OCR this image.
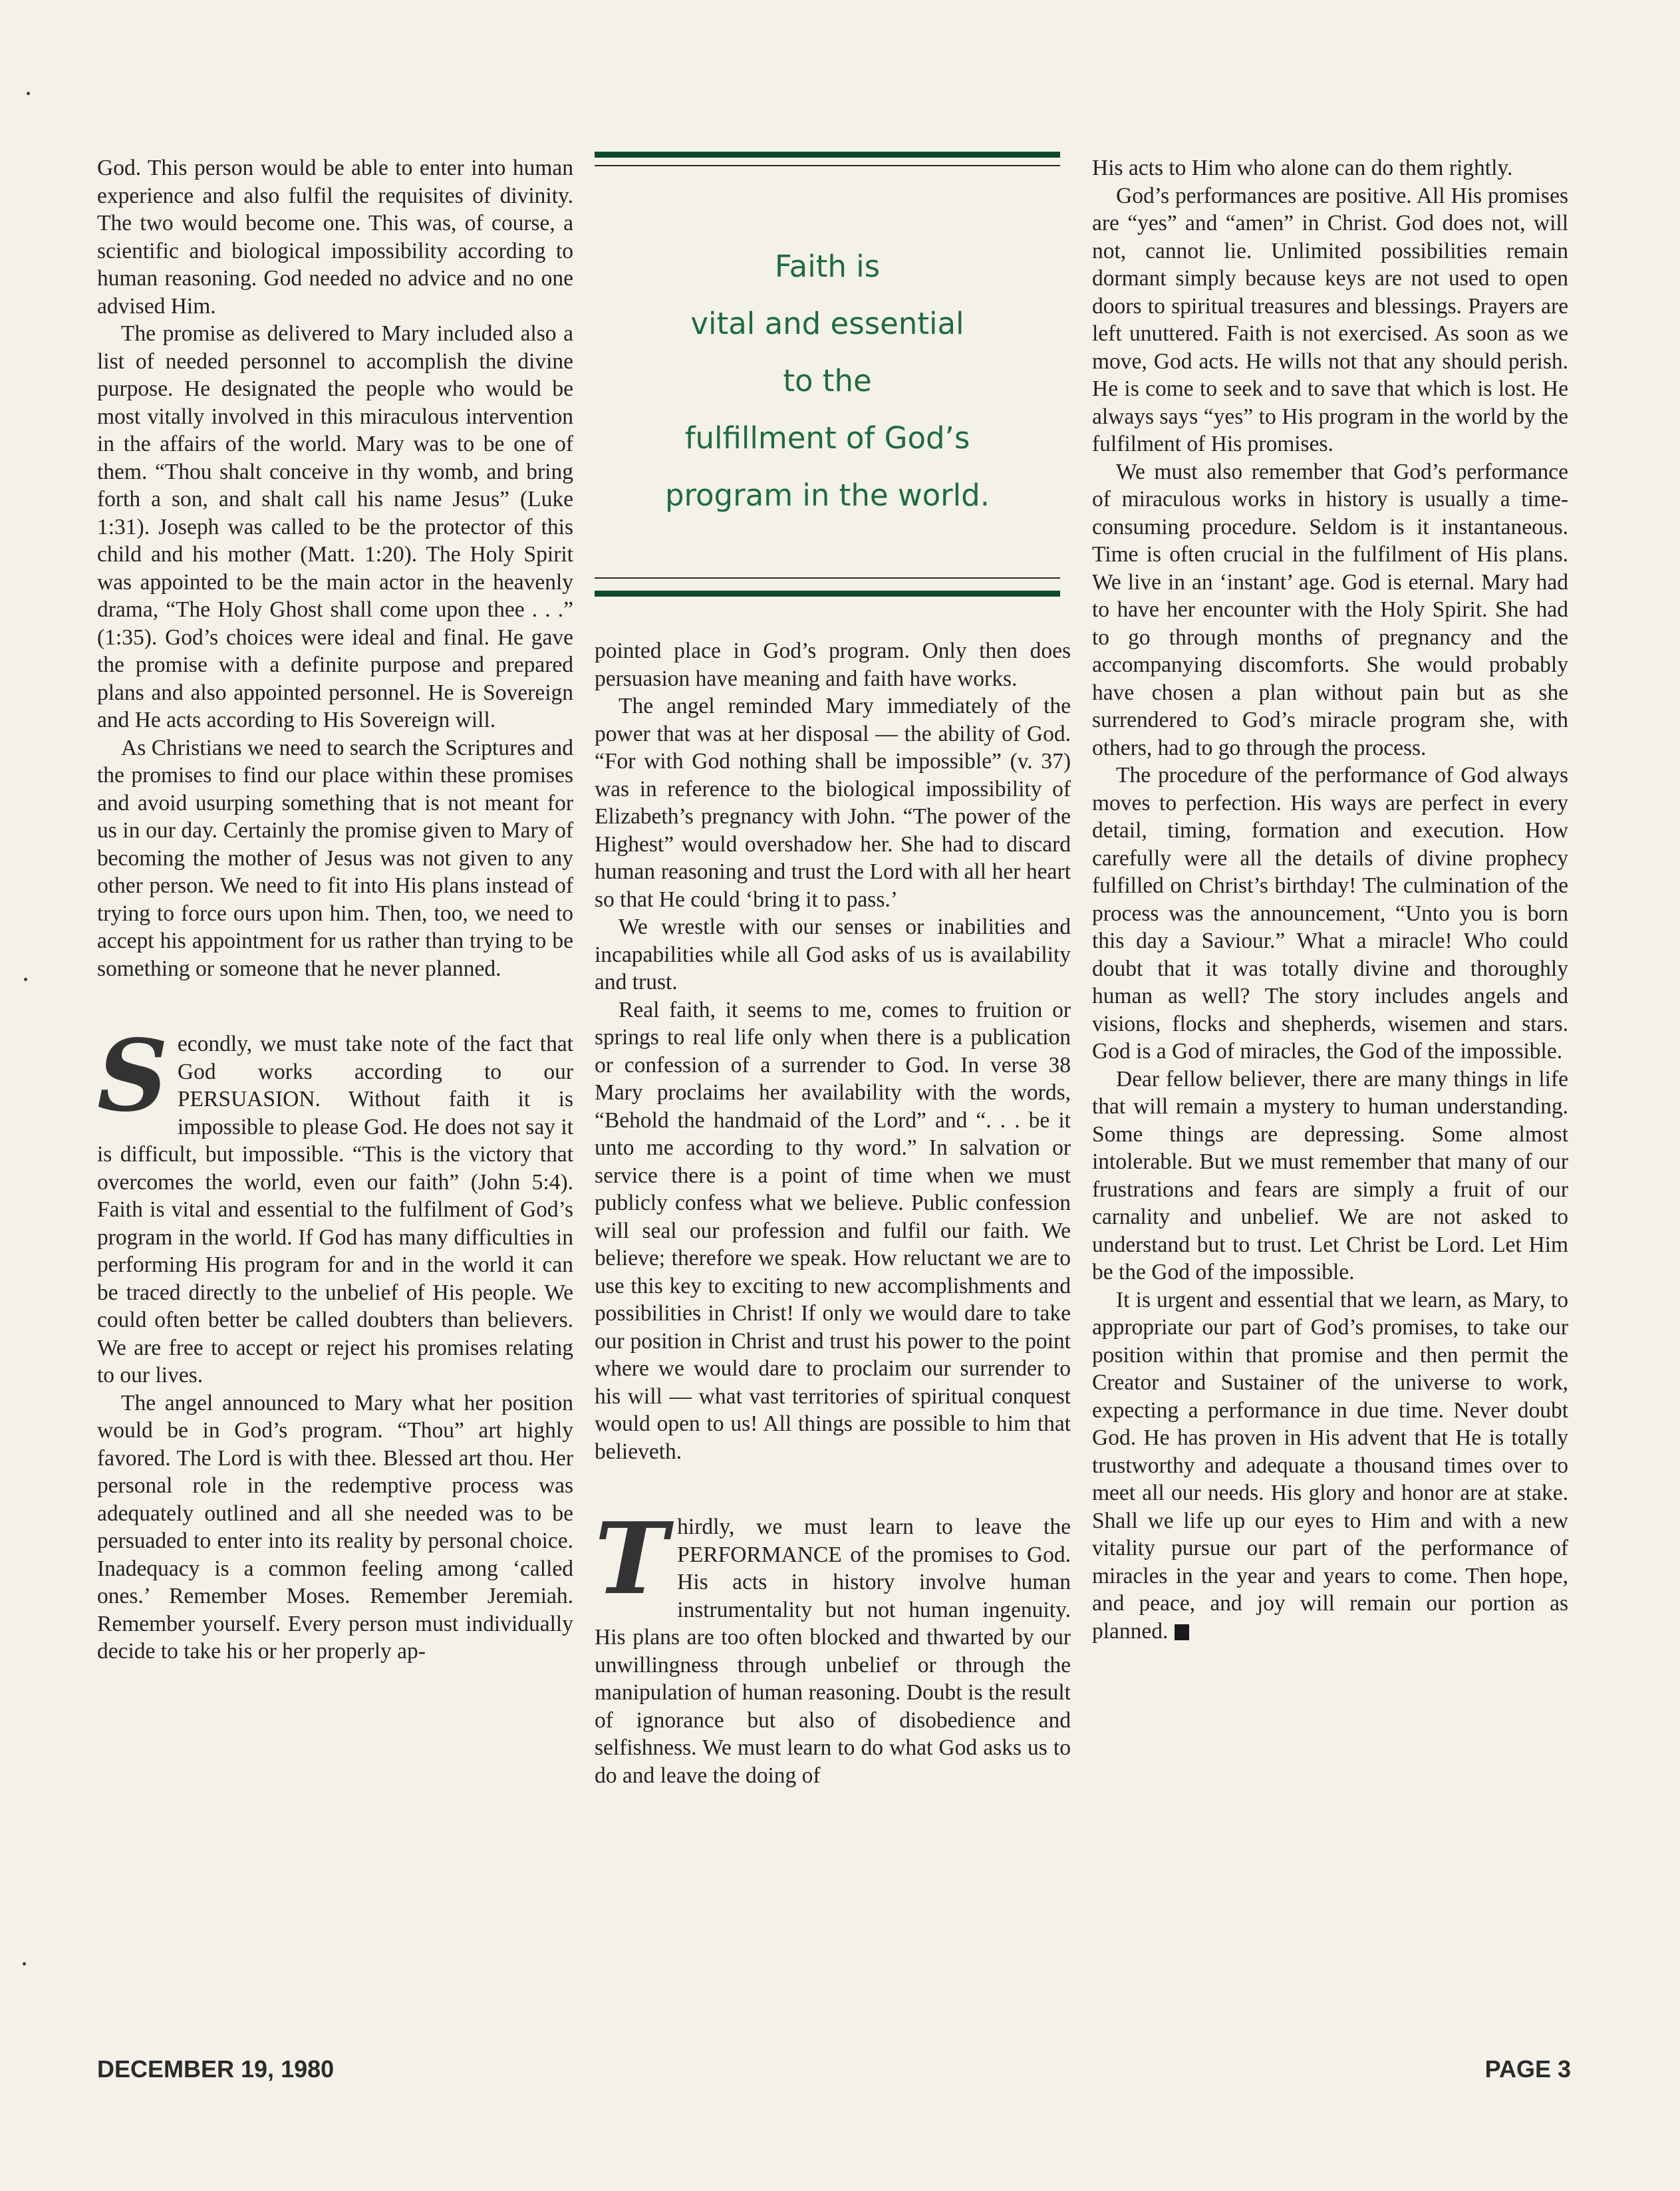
God. This person would be able to enter into human experience and also fulfil the requisites of divinity. The two would become one. This was, of course, a scientific and biological impossibility according to human reasoning. God needed no advice and no one advised Him.

The promise as delivered to Mary included also a list of needed personnel to accomplish the divine purpose. He designated the people who would be most vitally involved in this miraculous intervention in the affairs of the world. Mary was to be one of them. “Thou shalt conceive in thy womb, and bring forth a son, and shalt call his name Jesus” (Luke 1:31). Joseph was called to be the protector of this child and his mother (Matt. 1:20). The Holy Spirit was appointed to be the main actor in the heavenly drama, “The Holy Ghost shall come upon thee . . .” (1:35). God’s choices were ideal and final. He gave the promise with a definite purpose and prepared plans and also appointed personnel. He is Sovereign and He acts according to His Sovereign will.

As Christians we need to search the Scriptures and the promises to find our place within these promises and avoid usurping something that is not meant for us in our day. Certainly the promise given to Mary of becoming the mother of Jesus was not given to any other person. We need to fit into His plans instead of trying to force ours upon him. Then, too, we need to accept his appointment for us rather than trying to be something or someone that he never planned.

Secondly, we must take note of the fact that God works according to our PERSUASION. Without faith it is impossible to please God. He does not say it is difficult, but impossible. “This is the victory that overcomes the world, even our faith” (John 5:4). Faith is vital and essential to the fulfilment of God’s program in the world. If God has many difficulties in performing His program for and in the world it can be traced directly to the unbelief of His people. We could often better be called doubters than believers. We are free to accept or reject his promises relating to our lives.

The angel announced to Mary what her position would be in God’s program. “Thou” art highly favored. The Lord is with thee. Blessed art thou. Her personal role in the redemptive process was adequately outlined and all she needed was to be persuaded to enter into its reality by personal choice. Inadequacy is a common feeling among ‘called ones.’ Remember Moses. Remember Jeremiah. Remember yourself. Every person must individually decide to take his or her properly ap-

Faith is
vital and essential
to the
fulfillment of God’s
program in the world.

pointed place in God’s program. Only then does persuasion have meaning and faith have works.

The angel reminded Mary immediately of the power that was at her disposal — the ability of God. “For with God nothing shall be impossible” (v. 37) was in reference to the biological impossibility of Elizabeth’s pregnancy with John. “The power of the Highest” would overshadow her. She had to discard human reasoning and trust the Lord with all her heart so that He could ‘bring it to pass.’

We wrestle with our senses or inabilities and incapabilities while all God asks of us is availability and trust.

Real faith, it seems to me, comes to fruition or springs to real life only when there is a publication or confession of a surrender to God. In verse 38 Mary proclaims her availability with the words, “Behold the handmaid of the Lord” and “. . . be it unto me according to thy word.” In salvation or service there is a point of time when we must publicly confess what we believe. Public confession will seal our profession and fulfil our faith. We believe; therefore we speak. How reluctant we are to use this key to exciting to new accomplishments and possibilities in Christ! If only we would dare to take our position in Christ and trust his power to the point where we would dare to proclaim our surrender to his will — what vast territories of spiritual conquest would open to us! All things are possible to him that believeth.

Thirdly, we must learn to leave the PERFORMANCE of the promises to God. His acts in history involve human instrumentality but not human ingenuity. His plans are too often blocked and thwarted by our unwillingness through unbelief or through the manipulation of human reasoning. Doubt is the result of ignorance but also of disobedience and selfishness. We must learn to do what God asks us to do and leave the doing of

His acts to Him who alone can do them rightly.

God’s performances are positive. All His promises are “yes” and “amen” in Christ. God does not, will not, cannot lie. Unlimited possibilities remain dormant simply because keys are not used to open doors to spiritual treasures and blessings. Prayers are left unuttered. Faith is not exercised. As soon as we move, God acts. He wills not that any should perish. He is come to seek and to save that which is lost. He always says “yes” to His program in the world by the fulfilment of His promises.

We must also remember that God’s performance of miraculous works in history is usually a time-consuming procedure. Seldom is it instantaneous. Time is often crucial in the fulfilment of His plans. We live in an ‘instant’ age. God is eternal. Mary had to have her encounter with the Holy Spirit. She had to go through months of pregnancy and the accompanying discomforts. She would probably have chosen a plan without pain but as she surrendered to God’s miracle program she, with others, had to go through the process.

The procedure of the performance of God always moves to perfection. His ways are perfect in every detail, timing, formation and execution. How carefully were all the details of divine prophecy fulfilled on Christ’s birthday! The culmination of the process was the announcement, “Unto you is born this day a Saviour.” What a miracle! Who could doubt that it was totally divine and thoroughly human as well? The story includes angels and visions, flocks and shepherds, wisemen and stars. God is a God of miracles, the God of the impossible.

Dear fellow believer, there are many things in life that will remain a mystery to human understanding. Some things are depressing. Some almost intolerable. But we must remember that many of our frustrations and fears are simply a fruit of our carnality and unbelief. We are not asked to understand but to trust. Let Christ be Lord. Let Him be the God of the impossible.

It is urgent and essential that we learn, as Mary, to appropriate our part of God’s promises, to take our position within that promise and then permit the Creator and Sustainer of the universe to work, expecting a performance in due time. Never doubt God. He has proven in His advent that He is totally trustworthy and adequate a thousand times over to meet all our needs. His glory and honor are at stake. Shall we life up our eyes to Him and with a new vitality pursue our part of the performance of miracles in the year and years to come. Then hope, and peace, and joy will remain our portion as planned.

DECEMBER 19, 1980	PAGE 3
